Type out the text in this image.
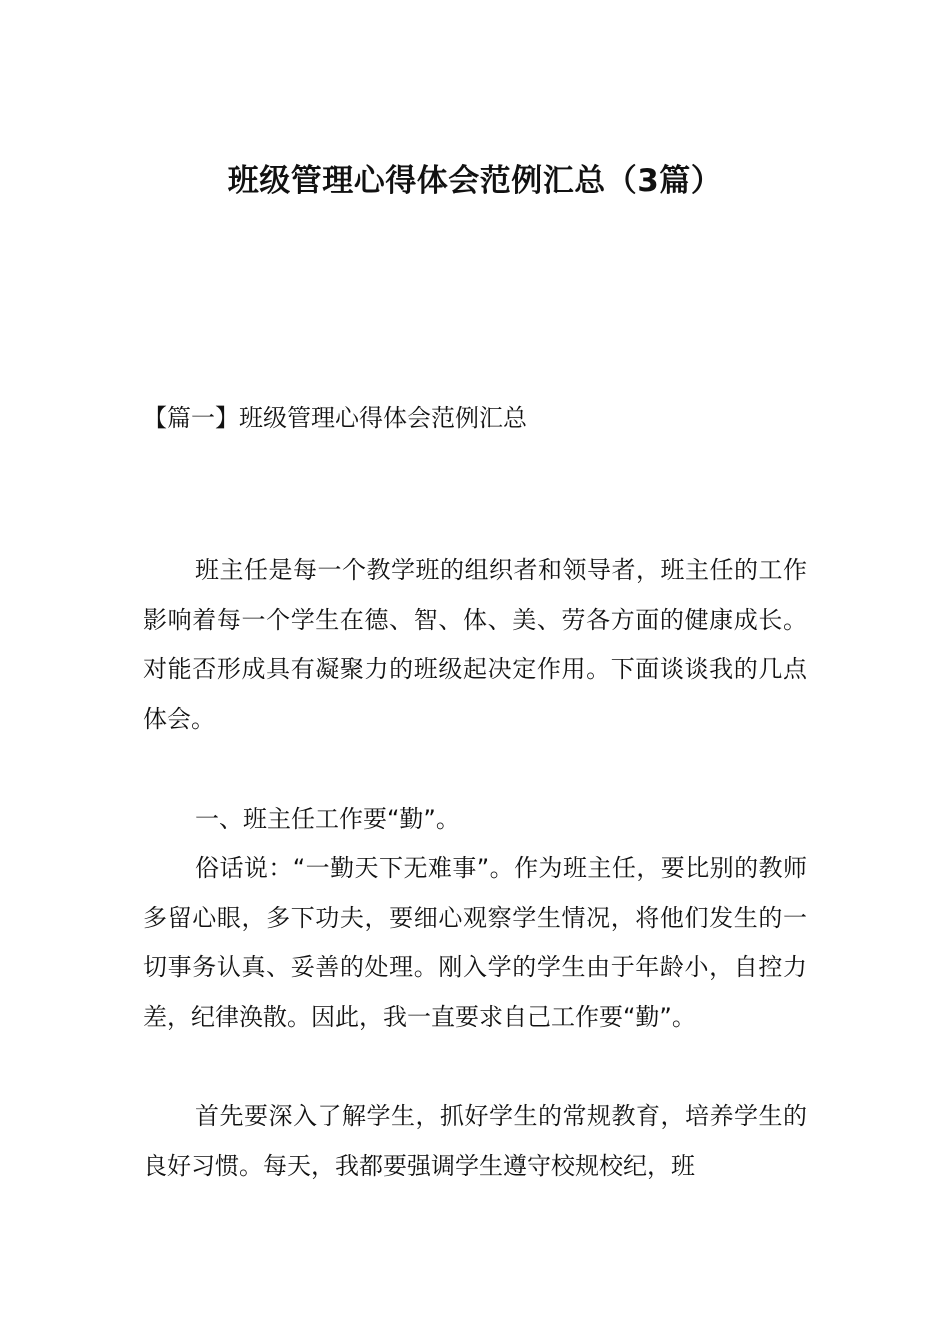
班级管理心得体会范例汇总（3篇）
【篇一】班级管理心得体会范例汇总

班主任是每一个教学班的组织者和领导者，班主任的工作影响着每一个学生在德、智、体、美、劳各方面的健康成长。对能否形成具有凝聚力的班级起决定作用。下面谈谈我的几点体会。

一、班主任工作要“勤”。

俗话说：“一勤天下无难事”。作为班主任，要比别的教师多留心眼，多下功夫，要细心观察学生情况，将他们发生的一切事务认真、妥善的处理。刚入学的学生由于年龄小，自控力差，纪律涣散。因此，我一直要求自己工作要“勤”。

首先要深入了解学生，抓好学生的常规教育，培养学生的良好习惯。每天，我都要强调学生遵守校规校纪，班
